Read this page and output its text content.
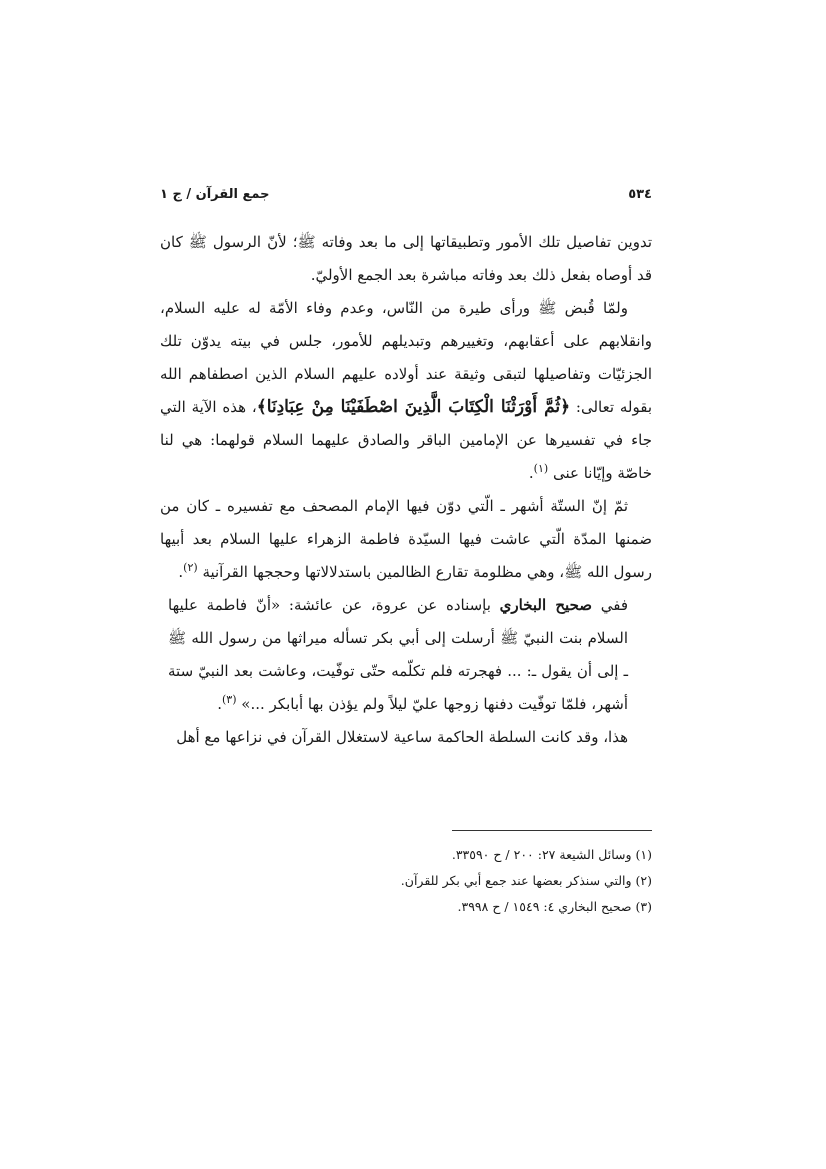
٥٣٤
جمع القرآن / ج ١

تدوين تفاصيل تلك الأمور وتطبيقاتها إلى ما بعد وفاته ﷺ؛ لأنّ الرسول ﷺ كان قد أوصاه بفعل ذلك بعد وفاته مباشرة بعد الجمع الأوليّ.

ولمّا قُبض ﷺ ورأى طيرة من النّاس، وعدم وفاء الأمّة له عليه السلام، وانقلابهم على أعقابهم، وتغييرهم وتبديلهم للأمور، جلس في بيته يدوّن تلك الجزئيّات وتفاصيلها لتبقى وثيقة عند أولاده عليهم السلام الذين اصطفاهم الله بقوله تعالى: ﴿ثُمَّ أَوْرَثْنَا الْكِتَابَ الَّذِينَ اصْطَفَيْنَا مِنْ عِبَادِنَا﴾، هذه الآية التي جاء في تفسيرها عن الإمامين الباقر والصادق عليهما السلام قولهما: هي لنا خاصّة وإيّانا عنى $^{(١)}$.

ثمّ إنّ الستّة أشهر ـ الّتي دوّن فيها الإمام المصحف مع تفسيره ـ كان من ضمنها المدّة الّتي عاشت فيها السيّدة فاطمة الزهراء عليها السلام بعد أبيها رسول الله ﷺ، وهي مظلومة تقارع الظالمين باستدلالاتها وحججها القرآنية $^{(٢)}$.

ففي صحيح البخاري بإسناده عن عروة، عن عائشة: «أنّ فاطمة عليها السلام بنت النبيّ ﷺ أرسلت إلى أبي بكر تسأله ميراثها من رسول الله ﷺ ـ إلى أن يقول ـ: ... فهجرته فلم تكلّمه حتّى توفّيت، وعاشت بعد النبيّ ستة أشهر، فلمّا توفّيت دفنها زوجها عليّ ليلاً ولم يؤذن بها أبابكر ...» $^{(٣)}$.

هذا، وقد كانت السلطة الحاكمة ساعية لاستغلال القرآن في نزاعها مع أهل

(١) وسائل الشيعة ٢٧: ٢٠٠ / ح ٣٣٥٩٠.
(٢) والتي سنذكر بعضها عند جمع أبي بكر للقرآن.
(٣) صحيح البخاري ٤: ١٥٤٩ / ح ٣٩٩٨.
